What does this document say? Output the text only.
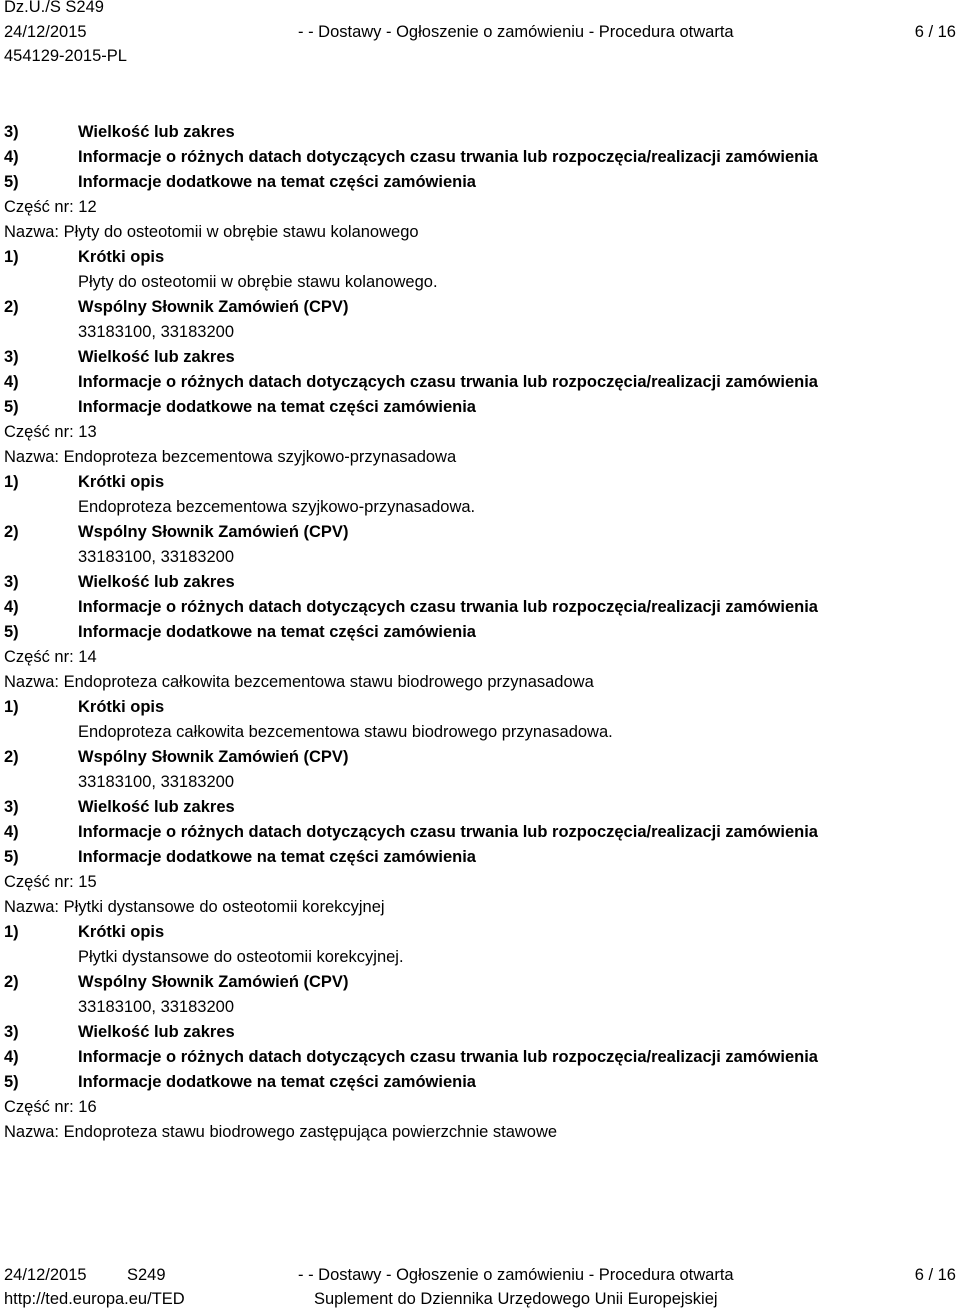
Dz.U./S S249
24/12/2015
454129-2015-PL
- - Dostawy - Ogłoszenie o zamówieniu - Procedura otwarta	6 / 16
3)	Wielkość lub zakres
4)	Informacje o różnych datach dotyczących czasu trwania lub rozpoczęcia/realizacji zamówienia
5)	Informacje dodatkowe na temat części zamówienia
Część nr: 12
Nazwa: Płyty do osteotomii w obrębie stawu kolanowego
1)	Krótki opis
Płyty do osteotomii w obrębie stawu kolanowego.
2)	Wspólny Słownik Zamówień (CPV)
33183100, 33183200
3)	Wielkość lub zakres
4)	Informacje o różnych datach dotyczących czasu trwania lub rozpoczęcia/realizacji zamówienia
5)	Informacje dodatkowe na temat części zamówienia
Część nr: 13
Nazwa: Endoproteza bezcementowa szyjkowo-przynasadowa
1)	Krótki opis
Endoproteza bezcementowa szyjkowo-przynasadowa.
2)	Wspólny Słownik Zamówień (CPV)
33183100, 33183200
3)	Wielkość lub zakres
4)	Informacje o różnych datach dotyczących czasu trwania lub rozpoczęcia/realizacji zamówienia
5)	Informacje dodatkowe na temat części zamówienia
Część nr: 14
Nazwa: Endoproteza całkowita bezcementowa stawu biodrowego przynasadowa
1)	Krótki opis
Endoproteza całkowita bezcementowa stawu biodrowego przynasadowa.
2)	Wspólny Słownik Zamówień (CPV)
33183100, 33183200
3)	Wielkość lub zakres
4)	Informacje o różnych datach dotyczących czasu trwania lub rozpoczęcia/realizacji zamówienia
5)	Informacje dodatkowe na temat części zamówienia
Część nr: 15
Nazwa: Płytki dystansowe do osteotomii korekcyjnej
1)	Krótki opis
Płytki dystansowe do osteotomii korekcyjnej.
2)	Wspólny Słownik Zamówień (CPV)
33183100, 33183200
3)	Wielkość lub zakres
4)	Informacje o różnych datach dotyczących czasu trwania lub rozpoczęcia/realizacji zamówienia
5)	Informacje dodatkowe na temat części zamówienia
Część nr: 16
Nazwa: Endoproteza stawu biodrowego zastępująca powierzchnie stawowe
24/12/2015 S249
http://ted.europa.eu/TED
- - Dostawy - Ogłoszenie o zamówieniu - Procedura otwarta
Suplement do Dziennika Urzędowego Unii Europejskiej
6 / 16
